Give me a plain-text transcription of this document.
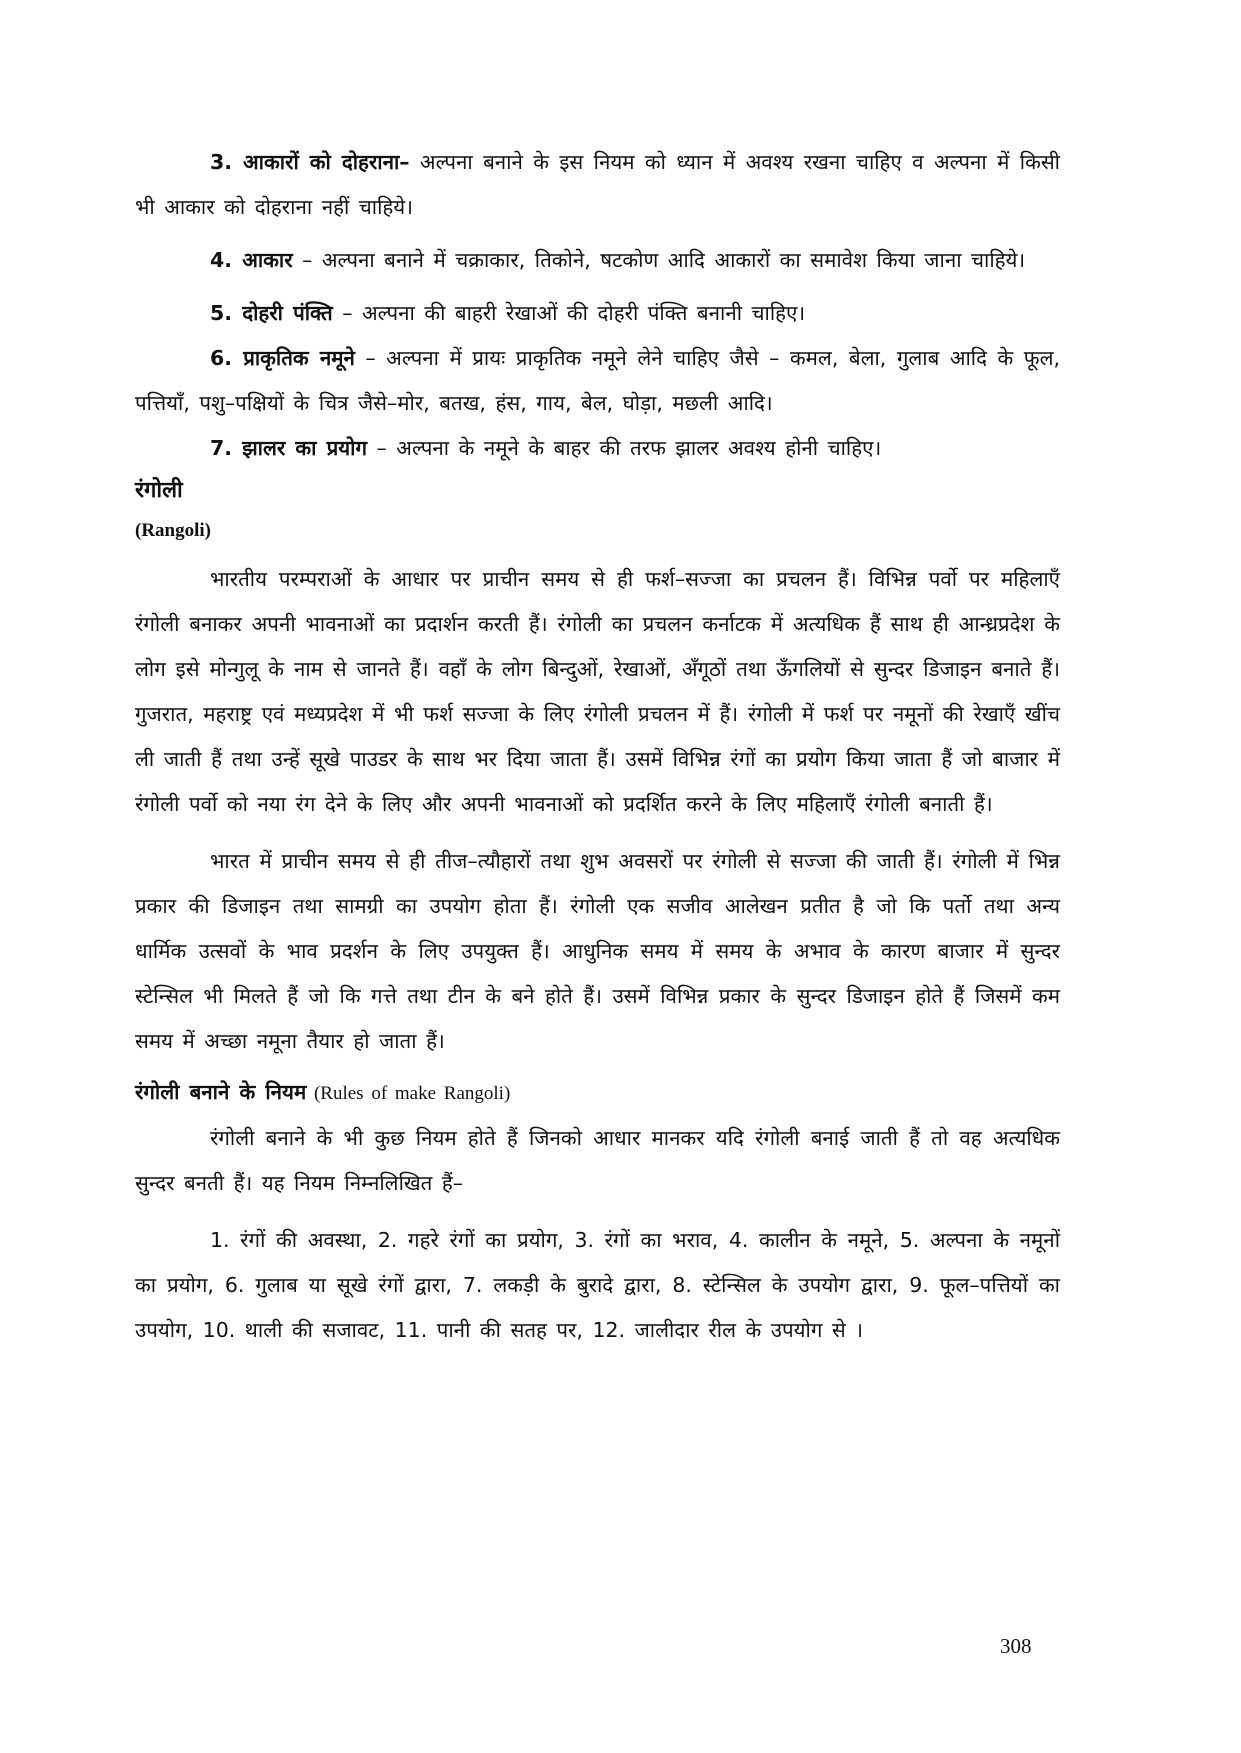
3. आकारों को दोहराना– अल्पना बनाने के इस नियम को ध्यान में अवश्य रखना चाहिए व अल्पना में किसी भी आकार को दोहराना नहीं चाहिये।

4. आकार – अल्पना बनाने में चक्राकार, तिकोने, षटकोण आदि आकारों का समावेश किया जाना चाहिये।

5. दोहरी पंक्ति – अल्पना की बाहरी रेखाओं की दोहरी पंक्ति बनानी चाहिए।

6. प्राकृतिक नमूने – अल्पना में प्रायः प्राकृतिक नमूने लेने चाहिए जैसे – कमल, बेला, गुलाब आदि के फूल, पत्तियाँ, पशु–पक्षियों के चित्र जैसे–मोर, बतख, हंस, गाय, बेल, घोड़ा, मछली आदि।

7. झालर का प्रयोग – अल्पना के नमूने के बाहर की तरफ झालर अवश्य होनी चाहिए।

रंगोली

(Rangoli)

भारतीय परम्पराओं के आधार पर प्राचीन समय से ही फर्श–सज्जा का प्रचलन हैं। विभिन्न पर्वो पर महिलाएँ रंगोली बनाकर अपनी भावनाओं का प्रदार्शन करती हैं। रंगोली का प्रचलन कर्नाटक में अत्यधिक हैं साथ ही आन्ध्रप्रदेश के लोग इसे मोन्गुलू के नाम से जानते हैं। वहाँ के लोग बिन्दुओं, रेखाओं, अँगूठों तथा ऊँगलियों से सुन्दर डिजाइन बनाते हैं। गुजरात, महराष्ट्र एवं मध्यप्रदेश में भी फर्श सज्जा के लिए रंगोली प्रचलन में हैं। रंगोली में फर्श पर नमूनों की रेखाएँ खींच ली जाती हैं तथा उन्हें सूखे पाउडर के साथ भर दिया जाता हैं। उसमें विभिन्न रंगों का प्रयोग किया जाता हैं जो बाजार में रंगोली पर्वो को नया रंग देने के लिए और अपनी भावनाओं को प्रदर्शित करने के लिए महिलाएँ रंगोली बनाती हैं।

भारत में प्राचीन समय से ही तीज–त्यौहारों तथा शुभ अवसरों पर रंगोली से सज्जा की जाती हैं। रंगोली में भिन्न प्रकार की डिजाइन तथा सामग्री का उपयोग होता हैं। रंगोली एक सजीव आलेखन प्रतीत है जो कि पर्तो तथा अन्य धार्मिक उत्सवों के भाव प्रदर्शन के लिए उपयुक्त हैं। आधुनिक समय में समय के अभाव के कारण बाजार में सुन्दर स्टेन्सिल भी मिलते हैं जो कि गत्ते तथा टीन के बने होते हैं। उसमें विभिन्न प्रकार के सुन्दर डिजाइन होते हैं जिसमें कम समय में अच्छा नमूना तैयार हो जाता हैं।

रंगोली बनाने के नियम (Rules of make Rangoli)

रंगोली बनाने के भी कुछ नियम होते हैं जिनको आधार मानकर यदि रंगोली बनाई जाती हैं तो वह अत्यधिक सुन्दर बनती हैं। यह नियम निम्नलिखित हैं–

1. रंगों की अवस्था, 2. गहरे रंगों का प्रयोग, 3. रंगों का भराव, 4. कालीन के नमूने, 5. अल्पना के नमूनों का प्रयोग, 6. गुलाब या सूखे रंगों द्वारा, 7. लकड़ी के बुरादे द्वारा, 8. स्टेन्सिल के उपयोग द्वारा, 9. फूल–पत्तियों का उपयोग, 10. थाली की सजावट, 11. पानी की सतह पर, 12. जालीदार रील के उपयोग से ।

308
